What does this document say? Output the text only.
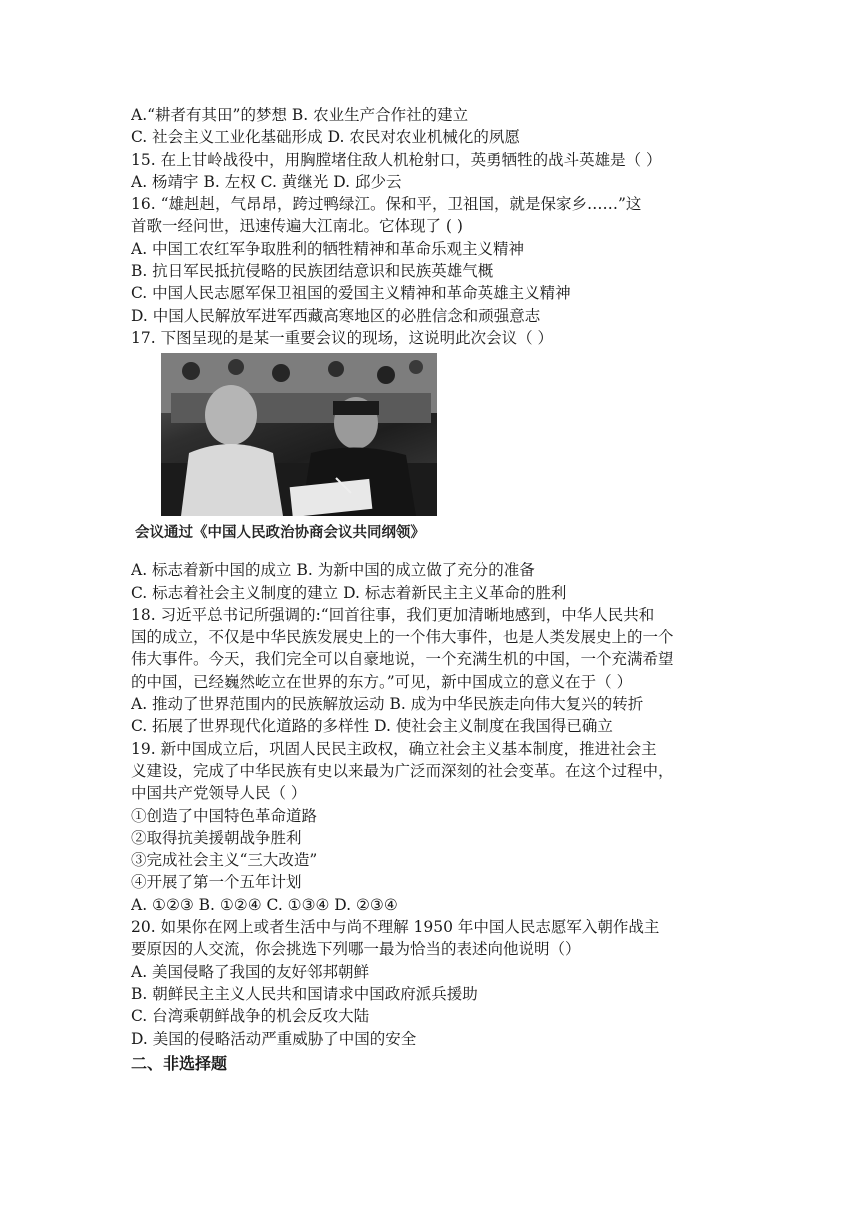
A.“耕者有其田”的梦想 B. 农业生产合作社的建立
C. 社会主义工业化基础形成 D. 农民对农业机械化的夙愿
15. 在上甘岭战役中，用胸膛堵住敌人机枪射口，英勇牺牲的战斗英雄是（ ）
A. 杨靖宇 B. 左权 C. 黄继光 D. 邱少云
16. “雄赳赳，气昂昂，跨过鸭绿江。保和平，卫祖国，就是保家乡……”这
首歌一经问世，迅速传遍大江南北。它体现了 ( )
A. 中国工农红军争取胜利的牺牲精神和革命乐观主义精神
B. 抗日军民抵抗侵略的民族团结意识和民族英雄气概
C. 中国人民志愿军保卫祖国的爱国主义精神和革命英雄主义精神
D. 中国人民解放军进军西藏高寒地区的必胜信念和顽强意志
17. 下图呈现的是某一重要会议的现场，这说明此次会议（ ）
会议通过《中国人民政治协商会议共同纲领》
A. 标志着新中国的成立 B. 为新中国的成立做了充分的准备
C. 标志着社会主义制度的建立 D. 标志着新民主主义革命的胜利
18. 习近平总书记所强调的:“回首往事，我们更加清晰地感到，中华人民共和
国的成立，不仅是中华民族发展史上的一个伟大事件，也是人类发展史上的一个
伟大事件。今天，我们完全可以自豪地说，一个充满生机的中国，一个充满希望
的中国，已经巍然屹立在世界的东方。”可见，新中国成立的意义在于（ ）
A. 推动了世界范围内的民族解放运动 B. 成为中华民族走向伟大复兴的转折
C. 拓展了世界现代化道路的多样性 D. 使社会主义制度在我国得已确立
19. 新中国成立后，巩固人民民主政权，确立社会主义基本制度，推进社会主
义建设，完成了中华民族有史以来最为广泛而深刻的社会变革。在这个过程中，
中国共产党领导人民（ ）
①创造了中国特色革命道路
②取得抗美援朝战争胜利
③完成社会主义“三大改造”
④开展了第一个五年计划
A. ①②③ B. ①②④ C. ①③④ D. ②③④
20. 如果你在网上或者生活中与尚不理解 1950 年中国人民志愿军入朝作战主
要原因的人交流，你会挑选下列哪一最为恰当的表述向他说明（）
A. 美国侵略了我国的友好邻邦朝鲜
B. 朝鲜民主主义人民共和国请求中国政府派兵援助
C. 台湾乘朝鲜战争的机会反攻大陆
D. 美国的侵略活动严重威胁了中国的安全
二、非选择题
